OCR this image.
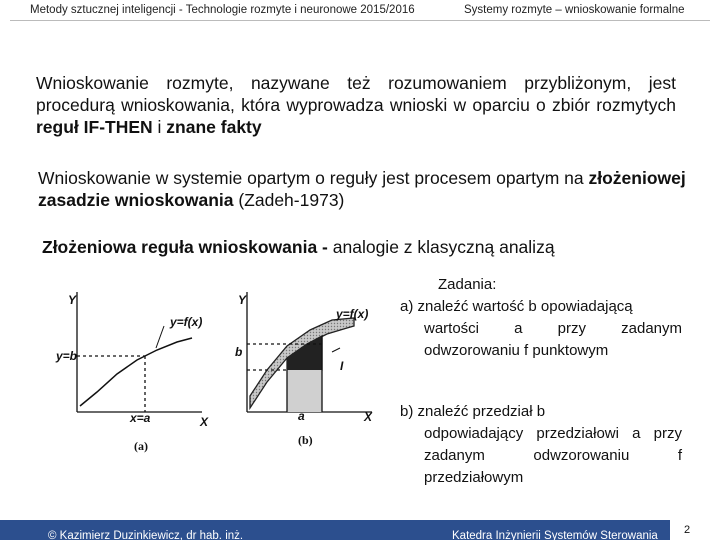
Metody sztucznej inteligencji - Technologie rozmyte i neuronowe 2015/2016	Systemy rozmyte – wnioskowanie formalne
Wnioskowanie rozmyte, nazywane też rozumowaniem przybliżonym, jest procedurą wnioskowania, która wyprowadza wnioski w oparciu o zbiór rozmytych reguł IF-THEN i znane fakty
Wnioskowanie w systemie opartym o reguły jest procesem opartym na złożeniowej zasadzie wnioskowania (Zadeh-1973)
Złożeniowa reguła wnioskowania - analogie z klasyczną analizą
Y
X
y=f(x)
y=b
x=a
(a)
Y
X
y=f(x)
b
a
I
(b)
Zadania:
a) znaleźć wartość b opowiadającą
wartości a przy zadanym odwzorowaniu f punktowym
b) znaleźć przedział b
odpowiadający przedziałowi a przy zadanym odwzorowaniu f przedziałowym
© Kazimierz Duzinkiewicz, dr hab. inż.	Katedra Inżynierii Systemów Sterowania 2
